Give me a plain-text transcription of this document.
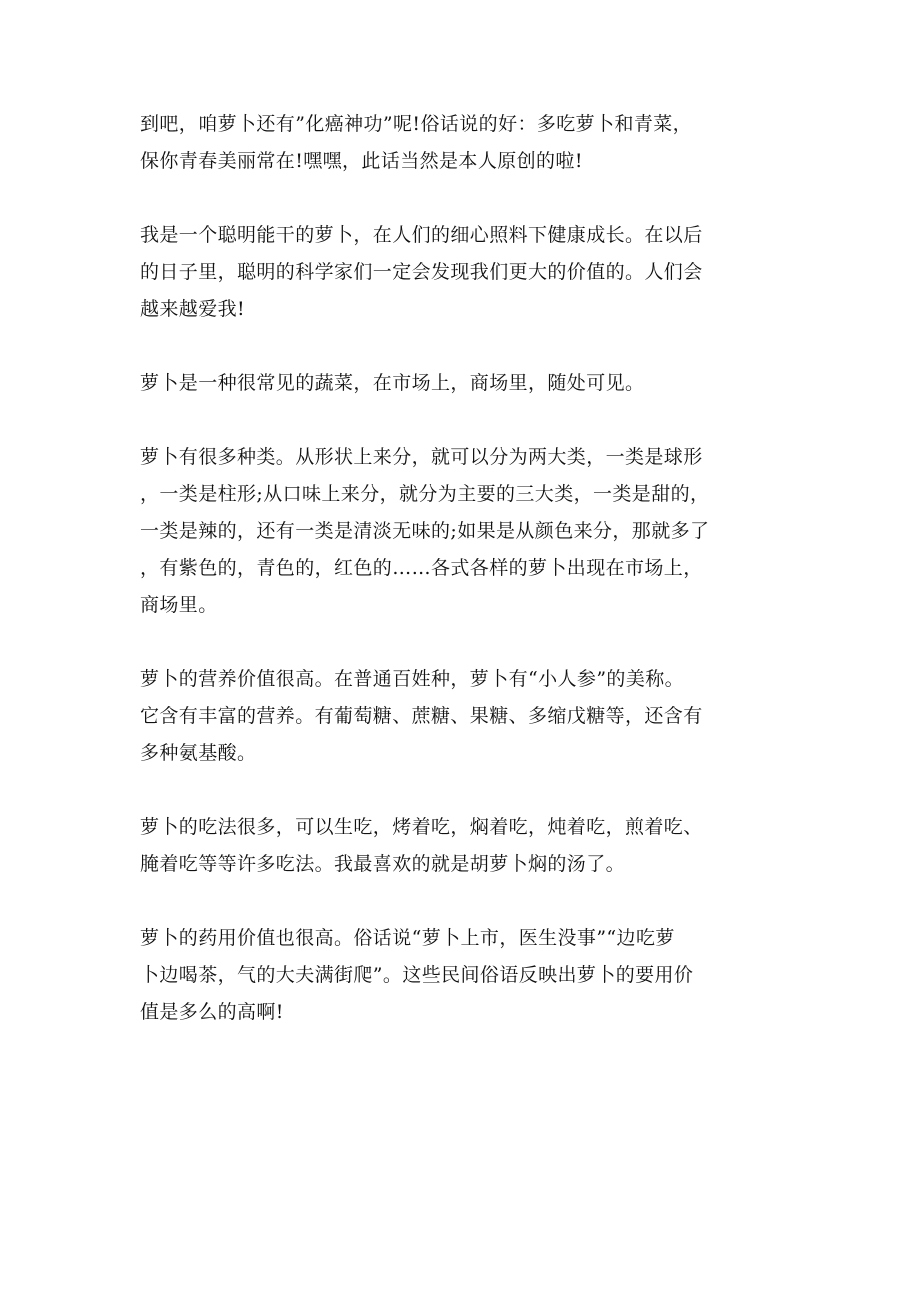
到吧，咱萝卜还有”化癌神功”呢!俗话说的好：多吃萝卜和青菜，
保你青春美丽常在!嘿嘿，此话当然是本人原创的啦!

我是一个聪明能干的萝卜，在人们的细心照料下健康成长。在以后
的日子里，聪明的科学家们一定会发现我们更大的价值的。人们会
越来越爱我!

萝卜是一种很常见的蔬菜，在市场上，商场里，随处可见。

萝卜有很多种类。从形状上来分，就可以分为两大类，一类是球形
，一类是柱形;从口味上来分，就分为主要的三大类，一类是甜的，
一类是辣的，还有一类是清淡无味的;如果是从颜色来分，那就多了
，有紫色的，青色的，红色的……各式各样的萝卜出现在市场上，
商场里。

萝卜的营养价值很高。在普通百姓种，萝卜有“小人参”的美称。
它含有丰富的营养。有葡萄糖、蔗糖、果糖、多缩戊糖等，还含有
多种氨基酸。

萝卜的吃法很多，可以生吃，烤着吃，焖着吃，炖着吃，煎着吃、
腌着吃等等许多吃法。我最喜欢的就是胡萝卜焖的汤了。

萝卜的药用价值也很高。俗话说“萝卜上市，医生没事”“边吃萝
卜边喝茶，气的大夫满街爬”。这些民间俗语反映出萝卜的要用价
值是多么的高啊!
